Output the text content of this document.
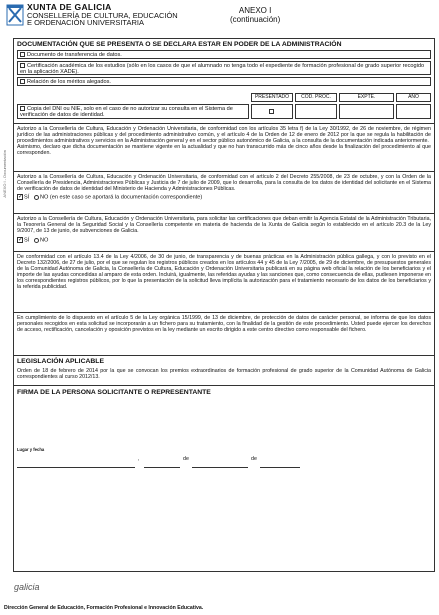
ANEXO I - Documentación
XUNTA DE GALICIA
CONSELLERÍA DE CULTURA, EDUCACIÓN
E ORDENACIÓN UNIVERSITARIA
ANEXO I
(continuación)
DOCUMENTACIÓN QUE SE PRESENTA O SE DECLARA ESTAR EN PODER DE LA ADMINISTRACIÓN
Documento de transferencia de datos.
Certificación académica de los estudios (sólo en los casos de que el alumnado no tenga todo el expediente de formación profesional de grado superior recogido en la aplicación XADE).
Relación de los méritos alegados.
PRESENTADO	CÓD. PROC.	EXPTE.	AÑO
Copia del DNI ou NIE, solo en el caso de no autorizar su consulta en el Sistema de verificación de datos de identidad.

Autorizo a la Consellería de Cultura, Educación y Ordenación Universitaria, de conformidad con los artículos 35 letra f) de la Ley 30/1992, de 26 de noviembre, de régimen jurídico de las administraciones públicas y del procedimiento administrativo común, y el artículo 4 de la Orden de 12 de enero de 2012 por la que se regula la habilitación de procedimientos administrativos y servicios en la Administración general y en el sector público autonómico de Galicia, a la consulta de la documentación indicada anteriormente.

Asimismo, declaro que dicha documentación se mantiene vigente en la actualidad y que no han transcurrido más de cinco años desde la finalización del procedimiento al que corresponden.

Autorizo a la Consellería de Cultura, Educación y Ordenación Universitaria, de conformidad con el artículo 2 del Decreto 255/2008, de 23 de octubre, y con la Orden de la Consellería de Presidencia, Administraciones Públicas y Justicia de 7 de julio de 2009, que lo desarrolla, para la consulta de los datos de identidad del solicitante en el Sistema de verificación de datos de identidad del Ministerio de Hacienda y Administraciones Públicas.

✓SÍ NO (en este caso se aportará la documentación correspondiente)

Autorizo a la Consellería de Cultura, Educación y Ordenación Universitaria, para solicitar las certificaciones que deban emitir la Agencia Estatal de la Administración Tributaria, la Tesorería General de la Seguridad Social y la Consellería competente en materia de hacienda de la Xunta de Galicia según lo establecido en el artículo 20.3 de la Ley 9/2007, de 13 de junio, de subvenciones de Galicia.

✓SÍ NO

De conformidad con el artículo 13.4 de la Ley 4/2006, de 30 de junio, de transparencia y de buenas prácticas en la Administración pública gallega, y con lo previsto en el Decreto 132/2006, de 27 de julio, por el que se regulan los registros públicos creados en los artículos 44 y 45 de la Ley 7/2005, de 29 de diciembre, de presupuestos generales de la Comunidad Autónoma de Galicia, la Consellería de Cultura, Educación y Ordenación Universitaria publicará en su página web oficial la relación de los beneficiarios y el importe de las ayudas concedidas al amparo de esta orden. Incluirá, igualmente, las referidas ayudas y las sanciones que, como consecuencia de ellas, pudiesen imponerse en los correspondientes registros públicos, por lo que la presentación de la solicitud lleva implícita la autorización para el tratamiento necesario de los datos de los beneficiarios y la referida publicidad.

En cumplimiento de lo dispuesto en el artículo 5 de la Ley orgánica 15/1999, de 13 de diciembre, de protección de datos de carácter personal, se informa de que los datos personales recogidos en esta solicitud se incorporarán a un fichero para su tratamiento, con la finalidad de la gestión de este procedimiento. Usted puede ejercer los derechos de acceso, rectificación, cancelación y oposición previstos en la ley mediante un escrito dirigido a este centro directivo como responsable del fichero.

LEGISLACIÓN APLICABLE

Orden de 18 de febrero de 2014 por la que se convocan los premios extraordinarios de formación profesional de grado superior de la Comunidad Autónoma de Galicia correspondientes al curso 2012/13.

FIRMA DE LA PERSONA SOLICITANTE O REPRESENTANTE
Lugar y fecha
,	de	de
galicia
Dirección General de Educación, Formación Profesional e Innovación Educativa.
